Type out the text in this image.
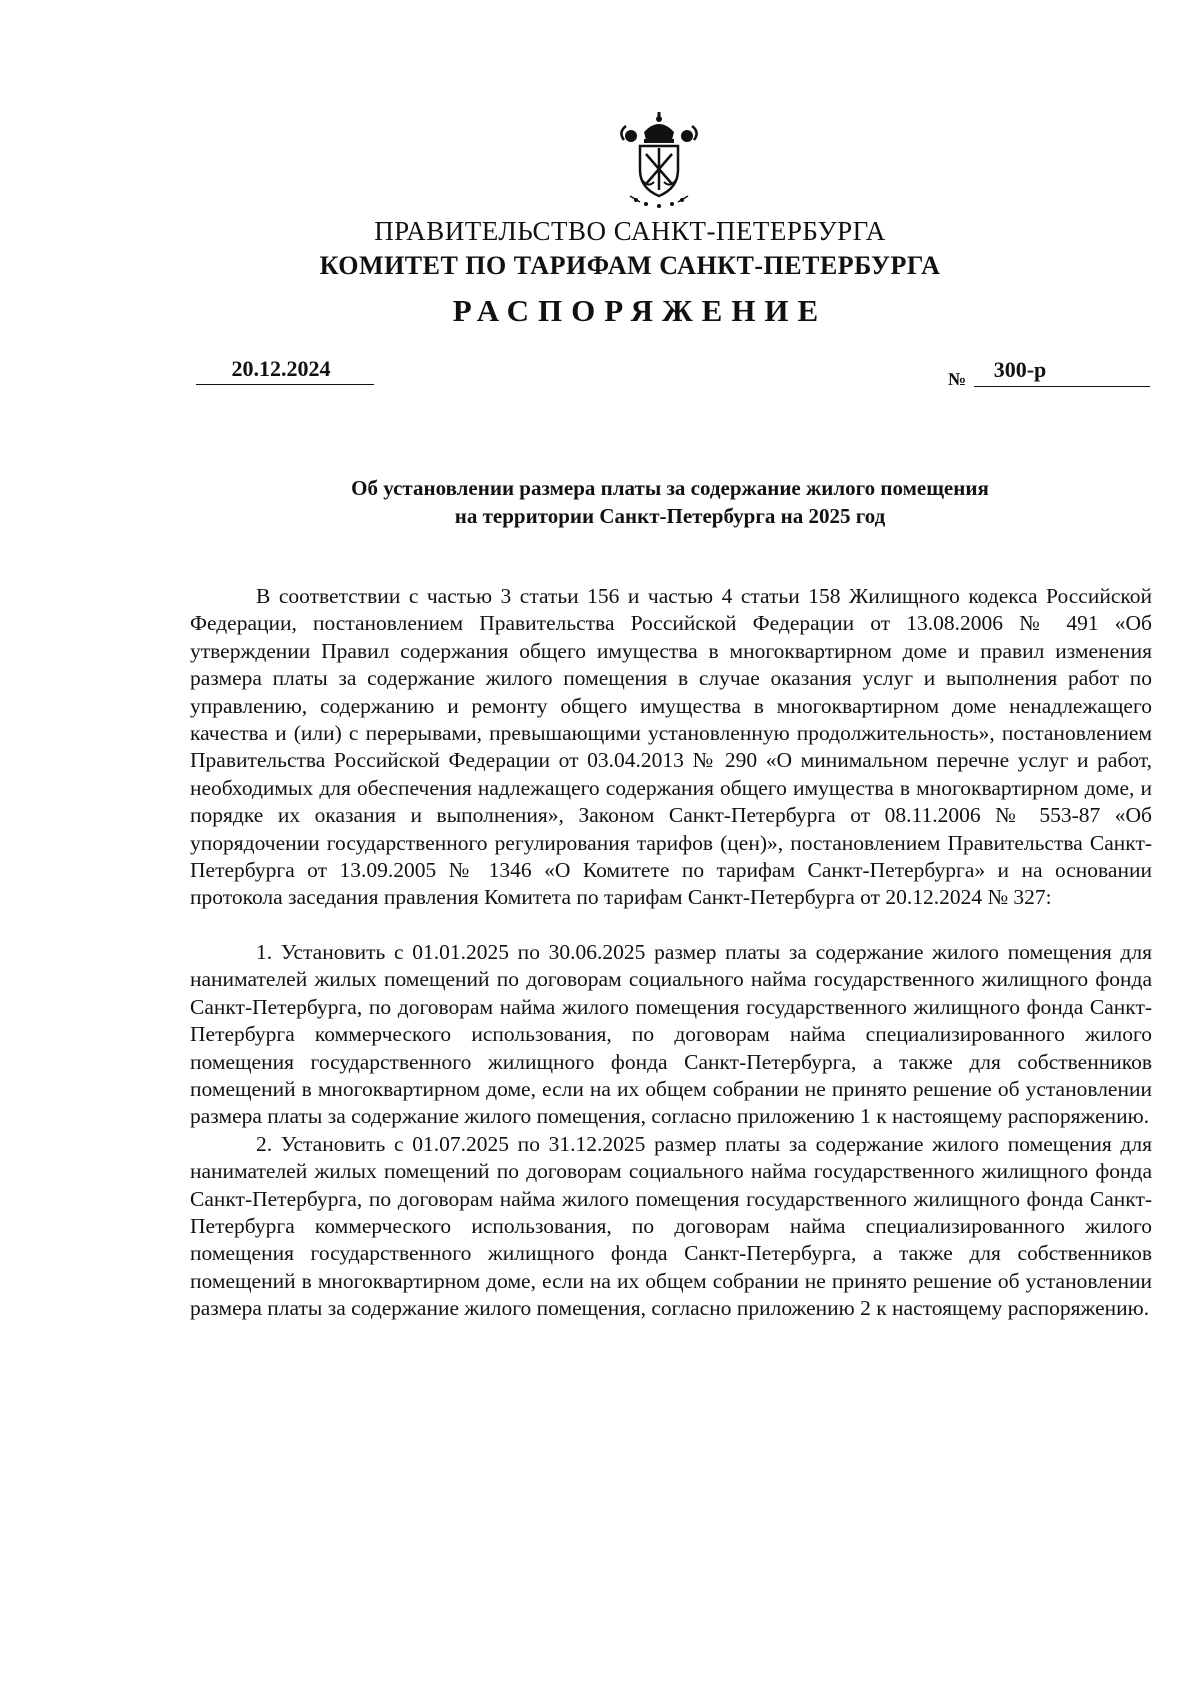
ПРАВИТЕЛЬСТВО САНКТ-ПЕТЕРБУРГА
КОМИТЕТ ПО ТАРИФАМ САНКТ-ПЕТЕРБУРГА
РАСПОРЯЖЕНИЕ
20.12.2024	№	300-р
Об установлении размера платы за содержание жилого помещения
на территории Санкт-Петербурга на 2025 год

В соответствии с частью 3 статьи 156 и частью 4 статьи 158 Жилищного кодекса Российской Федерации, постановлением Правительства Российской Федерации от 13.08.2006 № 491 «Об утверждении Правил содержания общего имущества в многоквартирном доме и правил изменения размера платы за содержание жилого помещения в случае оказания услуг и выполнения работ по управлению, содержанию и ремонту общего имущества в многоквартирном доме ненадлежащего качества и (или) с перерывами, превышающими установленную продолжительность», постановлением Правительства Российской Федерации от 03.04.2013 № 290 «О минимальном перечне услуг и работ, необходимых для обеспечения надлежащего содержания общего имущества в многоквартирном доме, и порядке их оказания и выполнения», Законом Санкт-Петербурга от 08.11.2006 № 553-87 «Об упорядочении государственного регулирования тарифов (цен)», постановлением Правительства Санкт-Петербурга от 13.09.2005 № 1346 «О Комитете по тарифам Санкт-Петербурга» и на основании протокола заседания правления Комитета по тарифам Санкт-Петербурга от 20.12.2024 № 327:

1. Установить с 01.01.2025 по 30.06.2025 размер платы за содержание жилого помещения для нанимателей жилых помещений по договорам социального найма государственного жилищного фонда Санкт-Петербурга, по договорам найма жилого помещения государственного жилищного фонда Санкт-Петербурга коммерческого использования, по договорам найма специализированного жилого помещения государственного жилищного фонда Санкт-Петербурга, а также для собственников помещений в многоквартирном доме, если на их общем собрании не принято решение об установлении размера платы за содержание жилого помещения, согласно приложению 1 к настоящему распоряжению.

2. Установить с 01.07.2025 по 31.12.2025 размер платы за содержание жилого помещения для нанимателей жилых помещений по договорам социального найма государственного жилищного фонда Санкт-Петербурга, по договорам найма жилого помещения государственного жилищного фонда Санкт-Петербурга коммерческого использования, по договорам найма специализированного жилого помещения государственного жилищного фонда Санкт-Петербурга, а также для собственников помещений в многоквартирном доме, если на их общем собрании не принято решение об установлении размера платы за содержание жилого помещения, согласно приложению 2 к настоящему распоряжению.
